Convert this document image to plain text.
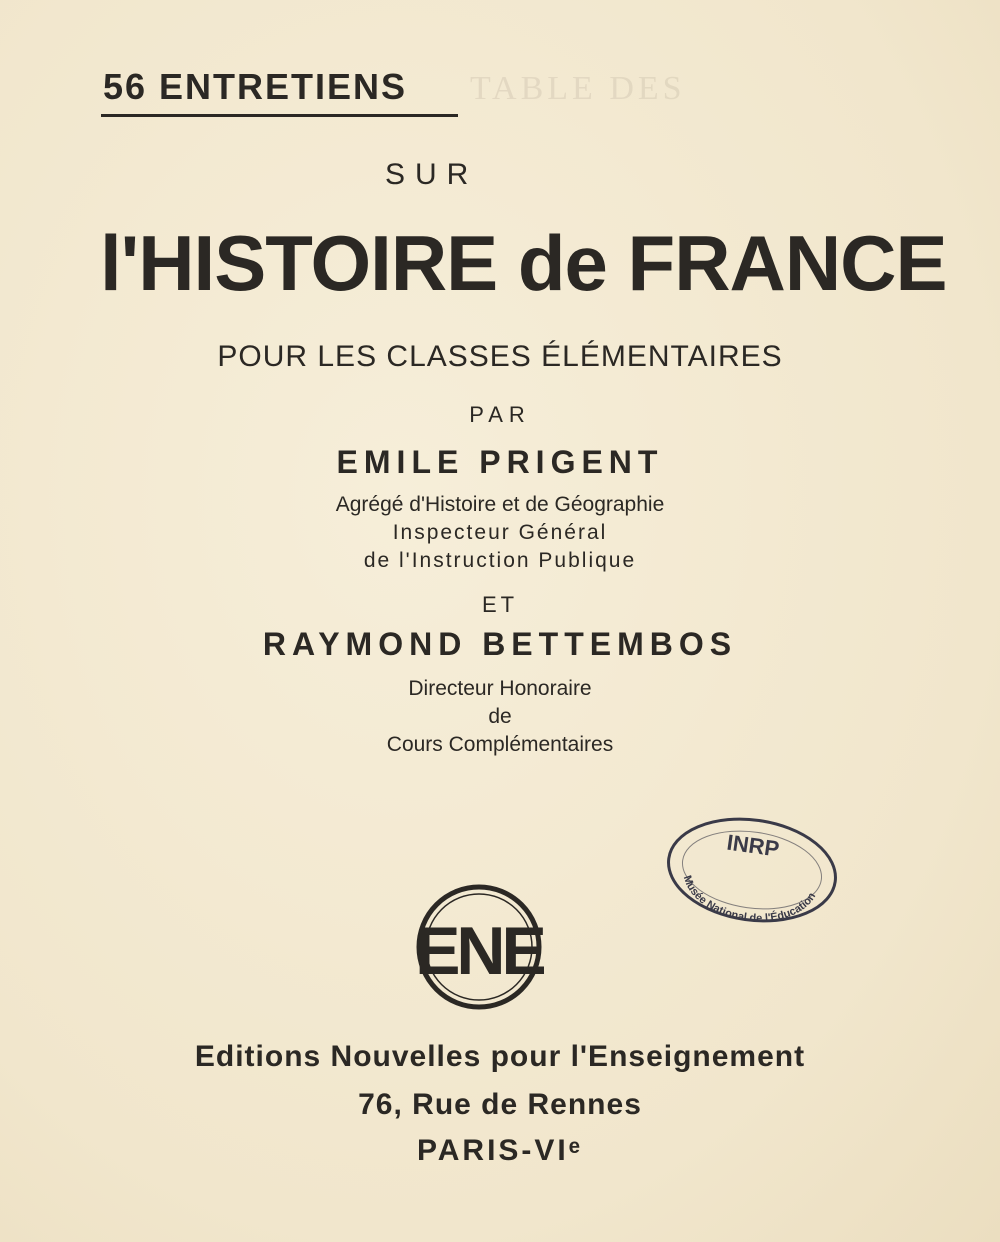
TABLE DES
56 ENTRETIENS
SUR
l'HISTOIRE de FRANCE
POUR LES CLASSES ÉLÉMENTAIRES
PAR
EMILE PRIGENT
Agrégé d'Histoire et de Géographie
Inspecteur Général
de l'Instruction Publique
ET
RAYMOND BETTEMBOS
Directeur Honoraire
de
Cours Complémentaires
ENE
INRP
Musée National de l'Éducation
Editions Nouvelles pour l'Enseignement
76, Rue de Rennes
PARIS-VIᵉ
